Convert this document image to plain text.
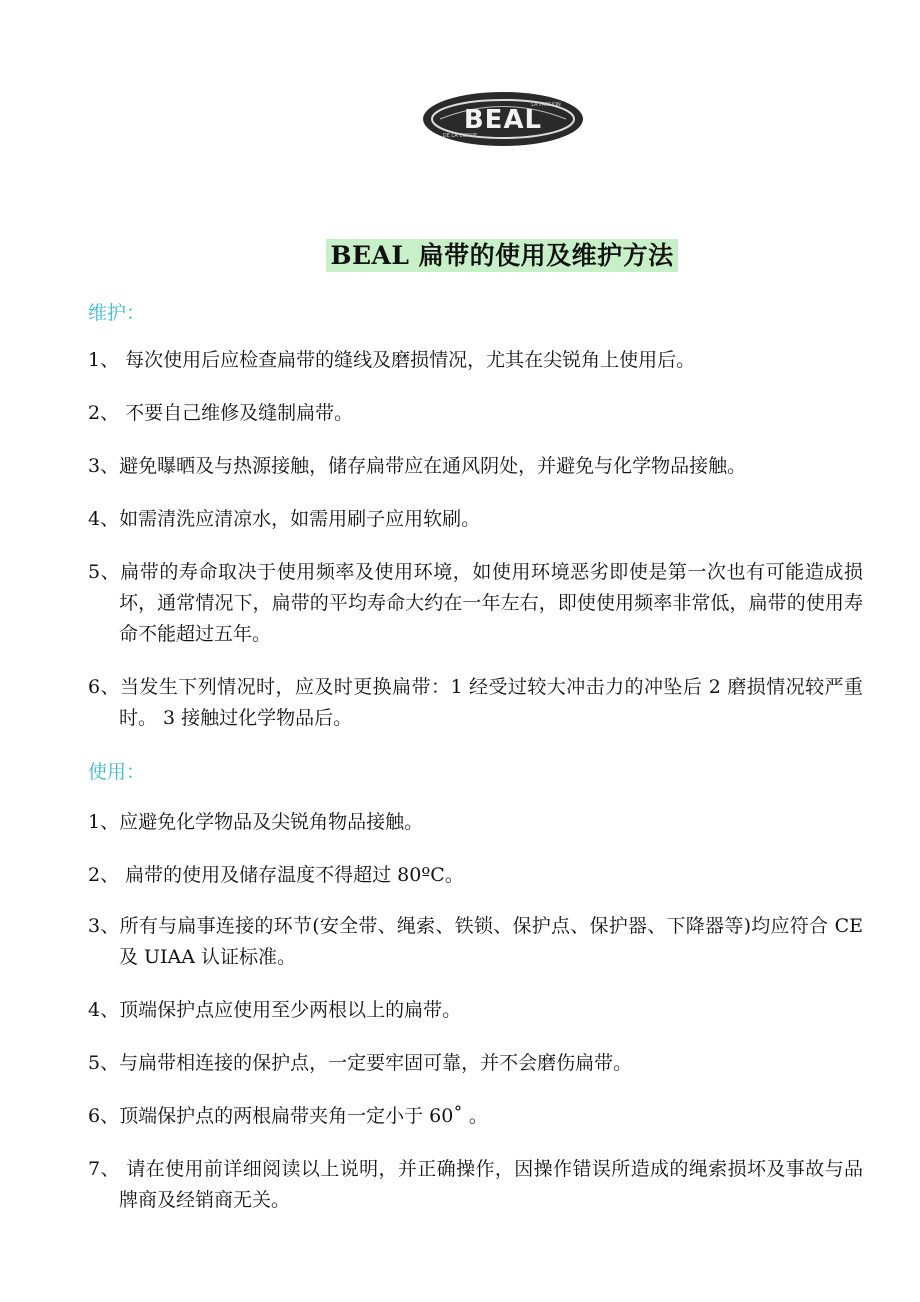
BEAL
LA PASSION
DE LA CORDE
BEAL 扁带的使用及维护方法
维护：
1、 每次使用后应检查扁带的缝线及磨损情况，尤其在尖锐角上使用后。
2、 不要自己维修及缝制扁带。
3、避免曝晒及与热源接触，储存扁带应在通风阴处，并避免与化学物品接触。
4、如需清洗应清凉水，如需用刷子应用软刷。
5、扁带的寿命取决于使用频率及使用环境，如使用环境恶劣即使是第一次也有可能造成损坏，通常情况下，扁带的平均寿命大约在一年左右，即使使用频率非常低，扁带的使用寿命不能超过五年。
6、当发生下列情况时，应及时更换扁带：1 经受过较大冲击力的冲坠后 2 磨损情况较严重时。 3 接触过化学物品后。
使用：
1、应避免化学物品及尖锐角物品接触。
2、 扁带的使用及储存温度不得超过 80ºC。
3、所有与扁事连接的环节(安全带、绳索、铁锁、保护点、保护器、下降器等)均应符合 CE 及 UIAA 认证标准。
4、顶端保护点应使用至少两根以上的扁带。
5、与扁带相连接的保护点，一定要牢固可靠，并不会磨伤扁带。
6、顶端保护点的两根扁带夹角一定小于 60˚ 。
7、 请在使用前详细阅读以上说明，并正确操作，因操作错误所造成的绳索损坏及事故与品牌商及经销商无关。
